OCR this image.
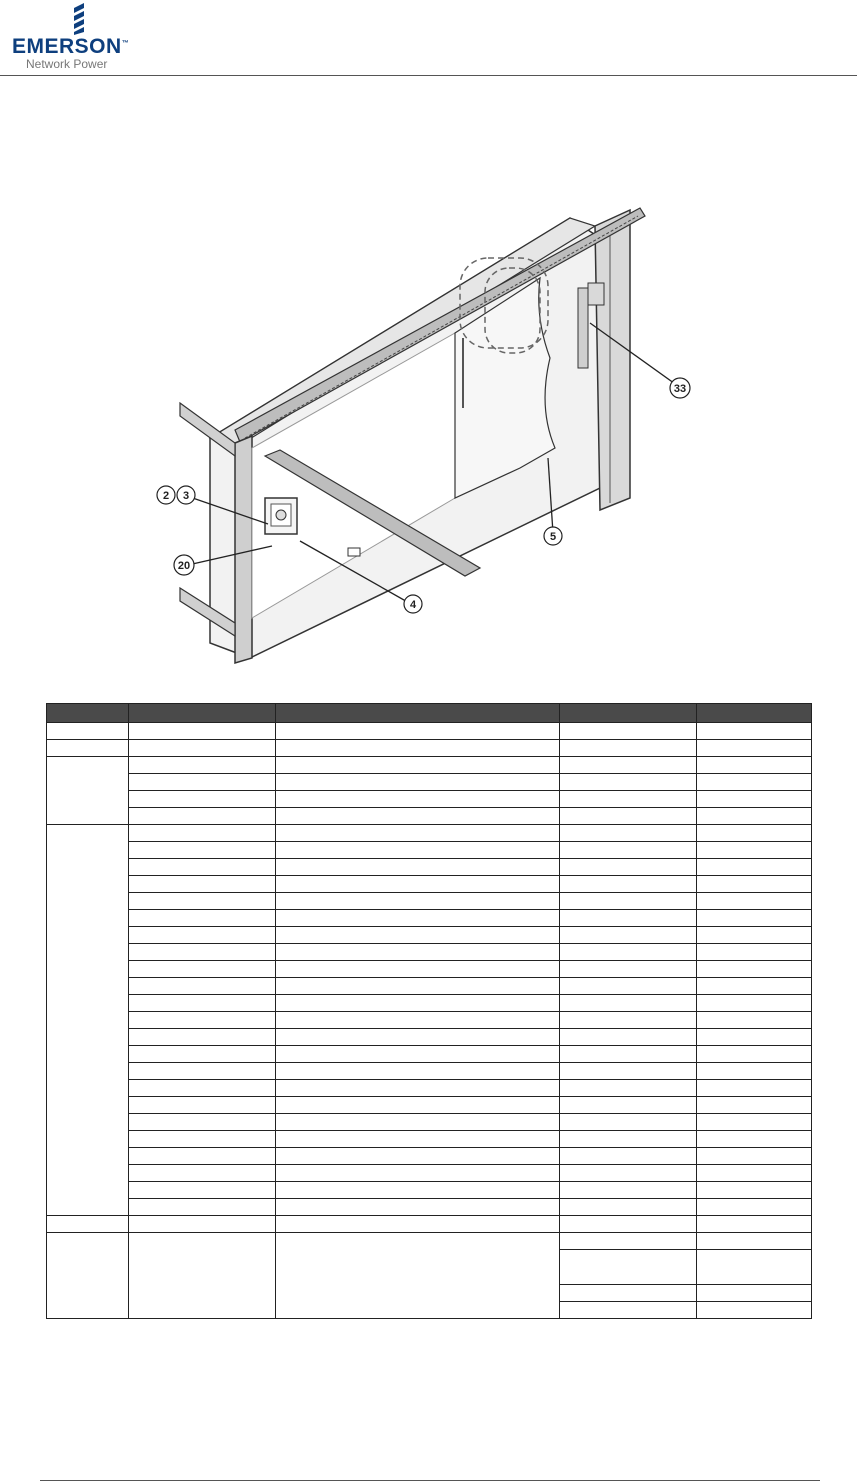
EMERSON™
Network Power
2 3
20
4
5
33
